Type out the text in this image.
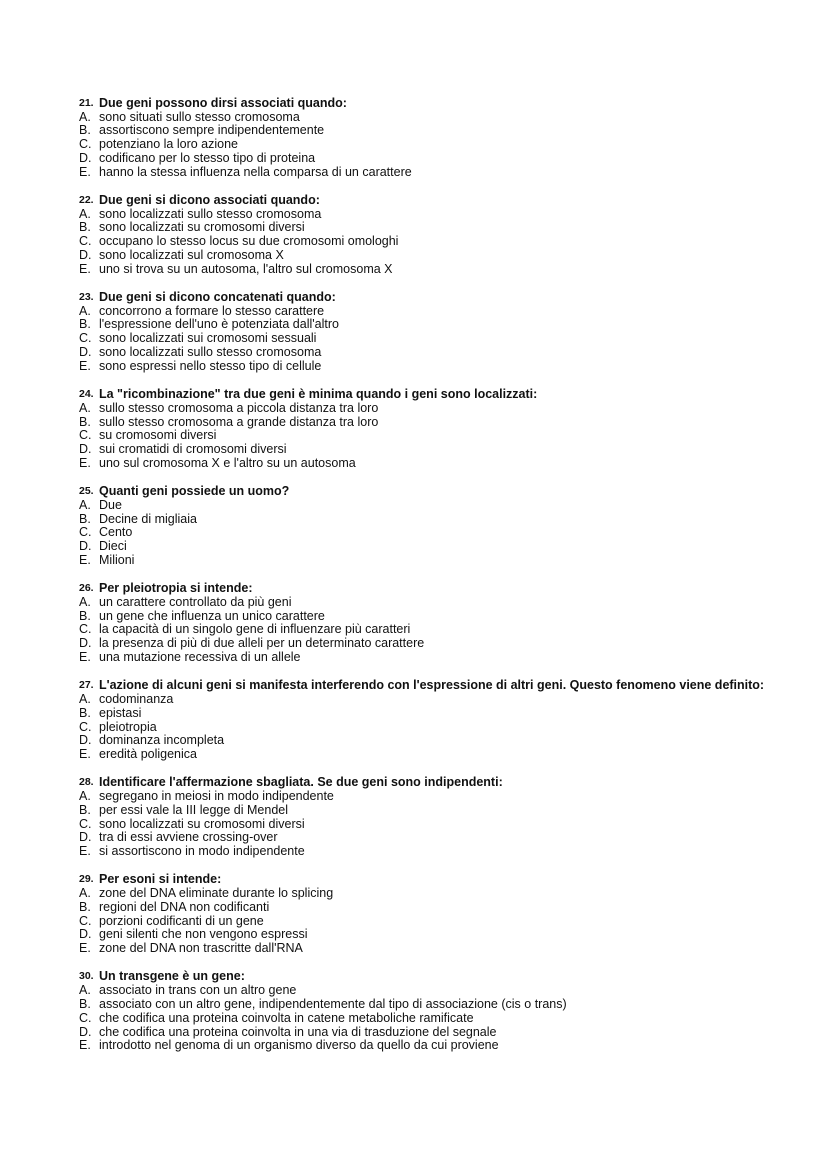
21. Due geni possono dirsi associati quando:
A. sono situati sullo stesso cromosoma
B. assortiscono sempre indipendentemente
C. potenziano la loro azione
D. codificano per lo stesso tipo di proteina
E. hanno la stessa influenza nella comparsa di un carattere
22. Due geni si dicono associati quando:
A. sono localizzati sullo stesso cromosoma
B. sono localizzati su cromosomi diversi
C. occupano lo stesso locus su due cromosomi omologhi
D. sono localizzati sul cromosoma X
E. uno si trova su un autosoma, l'altro sul cromosoma X
23. Due geni si dicono concatenati quando:
A. concorrono a formare lo stesso carattere
B. l'espressione dell'uno è potenziata dall'altro
C. sono localizzati sui cromosomi sessuali
D. sono localizzati sullo stesso cromosoma
E. sono espressi nello stesso tipo di cellule
24. La "ricombinazione" tra due geni è minima quando i geni sono localizzati:
A. sullo stesso cromosoma a piccola distanza tra loro
B. sullo stesso cromosoma a grande distanza tra loro
C. su cromosomi diversi
D. sui cromatidi di cromosomi diversi
E. uno sul cromosoma X e l'altro su un autosoma
25. Quanti geni possiede un uomo?
A. Due
B. Decine di migliaia
C. Cento
D. Dieci
E. Milioni
26. Per pleiotropia si intende:
A. un carattere controllato da più geni
B. un gene che influenza un unico carattere
C. la capacità di un singolo gene di influenzare più caratteri
D. la presenza di più di due alleli per un determinato carattere
E. una mutazione recessiva di un allele
27. L'azione di alcuni geni si manifesta interferendo con l'espressione di altri geni. Questo fenomeno viene definito:
A. codominanza
B. epistasi
C. pleiotropia
D. dominanza incompleta
E. eredità poligenica
28. Identificare l'affermazione sbagliata. Se due geni sono indipendenti:
A. segregano in meiosi in modo indipendente
B. per essi vale la III legge di Mendel
C. sono localizzati su cromosomi diversi
D. tra di essi avviene crossing-over
E. si assortiscono in modo indipendente
29. Per esoni si intende:
A. zone del DNA eliminate durante lo splicing
B. regioni del DNA non codificanti
C. porzioni codificanti di un gene
D. geni silenti che non vengono espressi
E. zone del DNA non trascritte dall'RNA
30. Un transgene è un gene:
A. associato in trans con un altro gene
B. associato con un altro gene, indipendentemente dal tipo di associazione (cis o trans)
C. che codifica una proteina coinvolta in catene metaboliche ramificate
D. che codifica una proteina coinvolta in una via di trasduzione del segnale
E. introdotto nel genoma di un organismo diverso da quello da cui proviene
